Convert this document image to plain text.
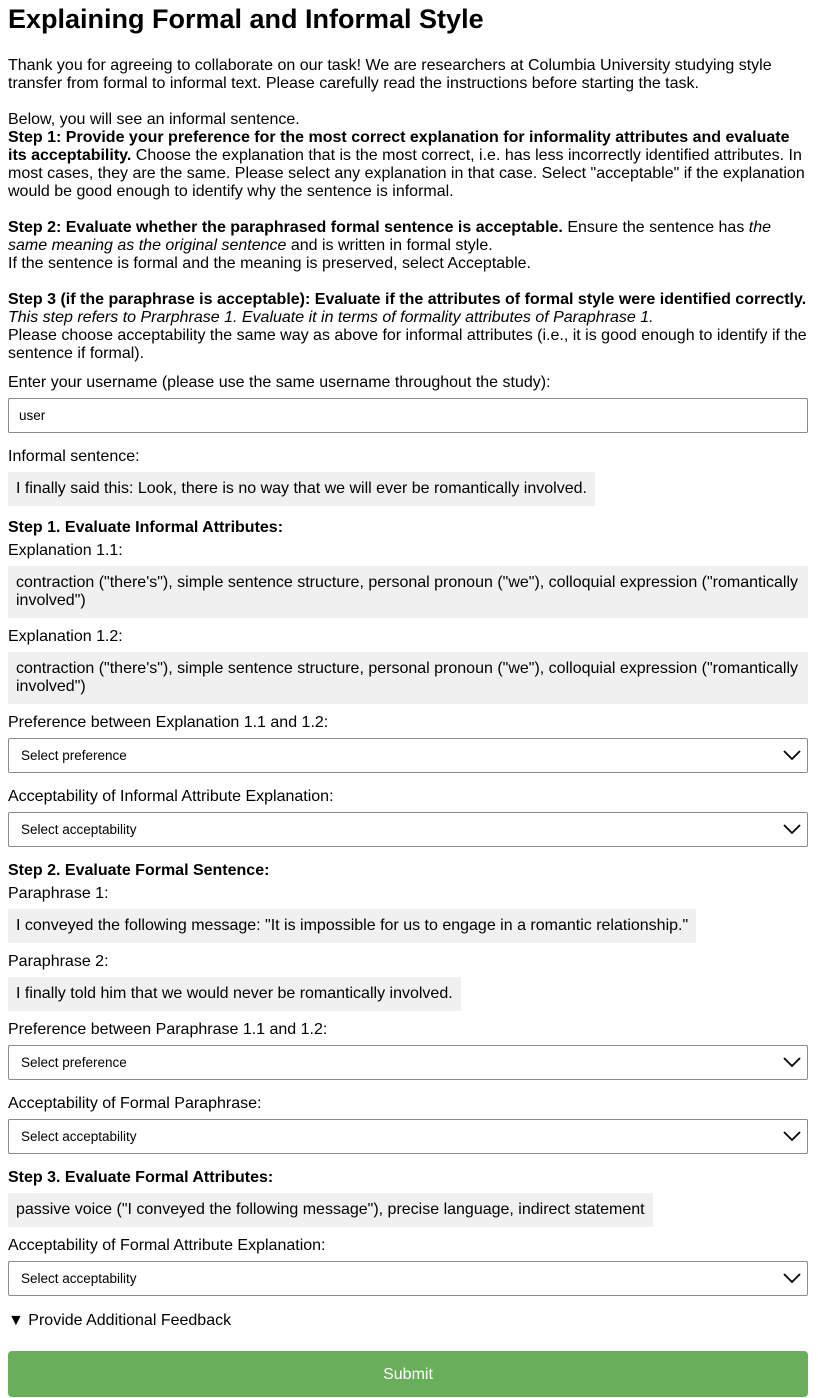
Explaining Formal and Informal Style

Thank you for agreeing to collaborate on our task! We are researchers at Columbia University studying style transfer from formal to informal text. Please carefully read the instructions before starting the task.

Below, you will see an informal sentence.

Step 1: Provide your preference for the most correct explanation for informality attributes and evaluate its acceptability. Choose the explanation that is the most correct, i.e. has less incorrectly identified attributes. In most cases, they are the same. Please select any explanation in that case. Select "acceptable" if the explanation would be good enough to identify why the sentence is informal.

Step 2: Evaluate whether the paraphrased formal sentence is acceptable. Ensure the sentence has the same meaning as the original sentence and is written in formal style.

If the sentence is formal and the meaning is preserved, select Acceptable.

Step 3 (if the paraphrase is acceptable): Evaluate if the attributes of formal style were identified correctly.

This step refers to Prarphrase 1. Evaluate it in terms of formality attributes of Paraphrase 1.

Please choose acceptability the same way as above for informal attributes (i.e., it is good enough to identify if the sentence if formal).

Enter your username (please use the same username throughout the study):
user
Informal sentence:
I finally said this: Look, there is no way that we will ever be romantically involved.
Step 1. Evaluate Informal Attributes:
Explanation 1.1:
contraction ("there's"), simple sentence structure, personal pronoun ("we"), colloquial expression ("romantically involved")
Explanation 1.2:
contraction ("there's"), simple sentence structure, personal pronoun ("we"), colloquial expression ("romantically involved")
Preference between Explanation 1.1 and 1.2:
Select preference
Acceptability of Informal Attribute Explanation:
Select acceptability
Step 2. Evaluate Formal Sentence:
Paraphrase 1:
I conveyed the following message: "It is impossible for us to engage in a romantic relationship."
Paraphrase 2:
I finally told him that we would never be romantically involved.
Preference between Paraphrase 1.1 and 1.2:
Select preference
Acceptability of Formal Paraphrase:
Select acceptability
Step 3. Evaluate Formal Attributes:
passive voice ("I conveyed the following message"), precise language, indirect statement
Acceptability of Formal Attribute Explanation:
Select acceptability
▼ Provide Additional Feedback
Submit
